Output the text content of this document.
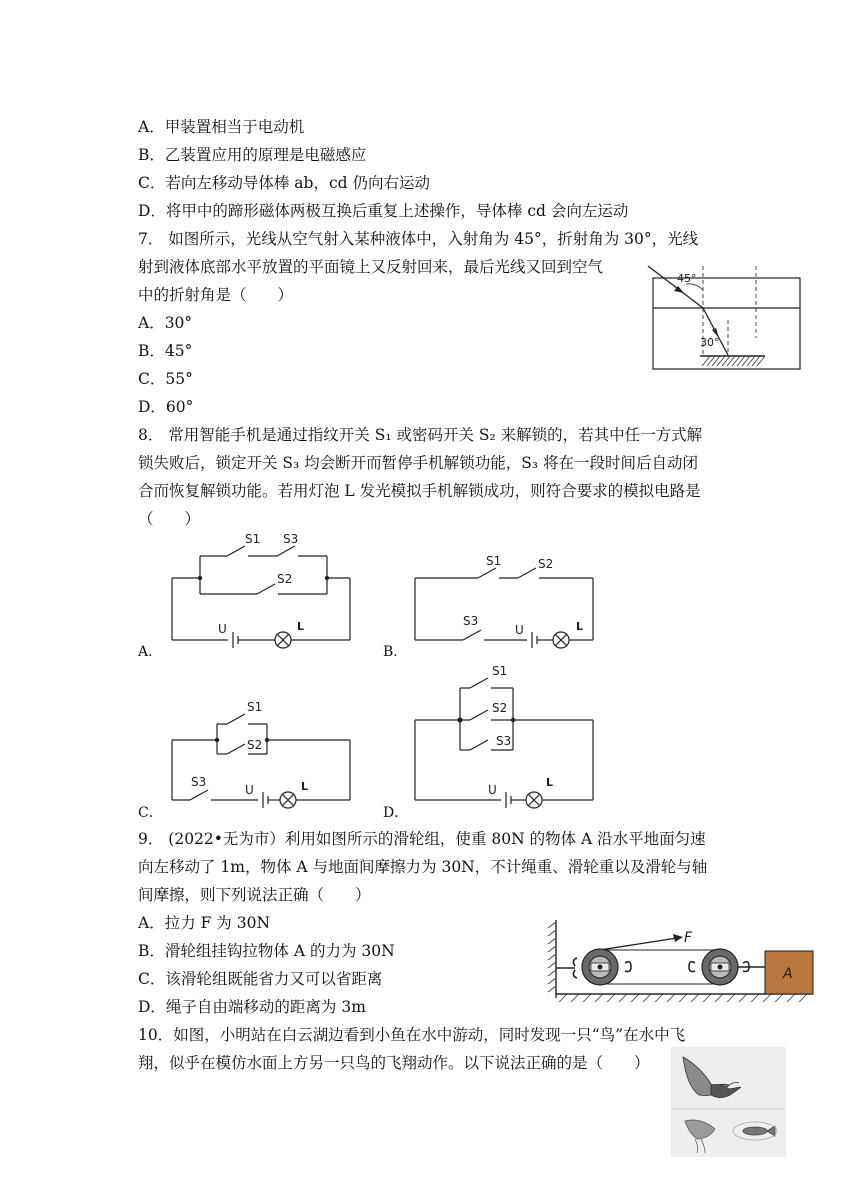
A．甲装置相当于电动机
B．乙装置应用的原理是电磁感应
C．若向左移动导体棒 ab，cd 仍向右运动
D．将甲中的蹄形磁体两极互换后重复上述操作，导体棒 cd 会向左运动
7． 如图所示，光线从空气射入某种液体中，入射角为 45°，折射角为 30°，光线
射到液体底部水平放置的平面镜上又反射回来，最后光线又回到空气
中的折射角是（　　）
A．30°
B．45°
C．55°
D．60°
45°
30°
8． 常用智能手机是通过指纹开关 S₁ 或密码开关 S₂ 来解锁的，若其中任一方式解
锁失败后，锁定开关 S₃ 均会断开而暂停手机解锁功能，S₃ 将在一段时间后自动闭
合而恢复解锁功能。若用灯泡 L 发光模拟手机解锁成功，则符合要求的模拟电路是
（　　）
A．	B．
C．	D．
S1 S3
S2
U	L
S1	S2
S3
U	L
S1
S2
S3
U	L
S1
S2
S3
U
L
9． (2022•无为市）利用如图所示的滑轮组，使重 80N 的物体 A 沿水平地面匀速
向左移动了 1m，物体 A 与地面间摩擦力为 30N，不计绳重、滑轮重以及滑轮与轴
间摩擦，则下列说法正确（　　）
A．拉力 F 为 30N
B．滑轮组挂钩拉物体 A 的力为 30N
C．该滑轮组既能省力又可以省距离
D．绳子自由端移动的距离为 3m
F
A
10．如图，小明站在白云湖边看到小鱼在水中游动，同时发现一只“鸟”在水中飞
翔，似乎在模仿水面上方另一只鸟的飞翔动作。以下说法正确的是（　　）
